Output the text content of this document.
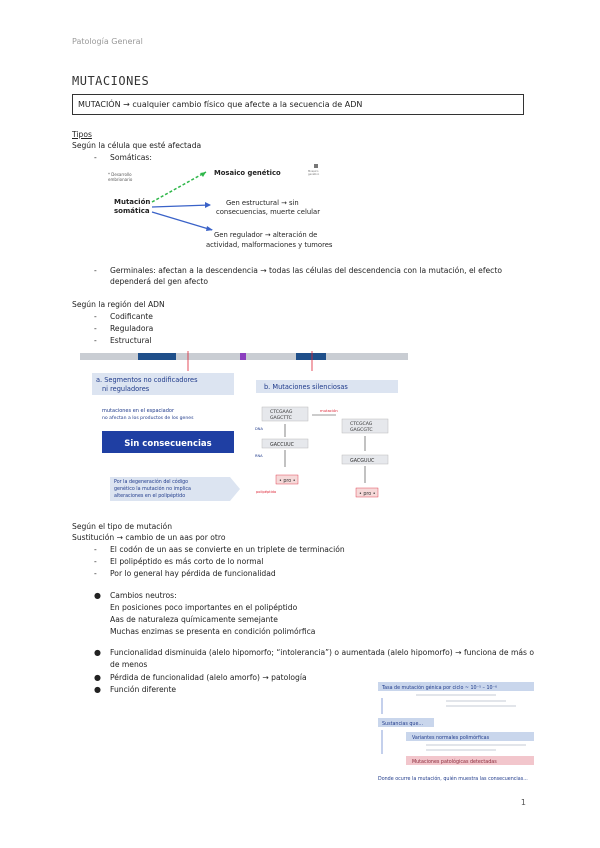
Patología General
MUTACIONES
MUTACIÓN → cualquier cambio físico que afecte a la secuencia de ADN
Tipos
Según la célula que esté afectada
- Somáticas:
* Desarrollo
embrionario
Mutación
somática
Mosaico genético
Gen estructural → sin
consecuencias, muerte celular
Gen regulador → alteración de
actividad, malformaciones y tumores
Mosaico
genético
- Germinales: afectan a la descendencia → todas las células del descendencia con la mutación, el efecto
dependerá del gen afecto
Según la región del ADN
- Codificante
- Reguladora
- Estructural
a. Segmentos no codificadores
ni reguladores
mutaciones en el espaciador
no afectan a los productos de los genes
Sin consecuencias
Por la degeneración del código
genético la mutación no implica
alteraciones en el polipéptido
b. Mutaciones silenciosas
CTCGAAG
GAGCTTC
DNA
mutación
CTCGCAG
GAGCGTC
GACCUUC
RNA
GACGUUC
• pro •
polipéptido	• pro •
Según el tipo de mutación
Sustitución → cambio de un aas por otro
- El codón de un aas se convierte en un triplete de terminación
- El polipéptido es más corto de lo normal
- Por lo general hay pérdida de funcionalidad
● Cambios neutros:
En posiciones poco importantes en el polipéptido
Aas de naturaleza químicamente semejante
Muchas enzimas se presenta en condición polimórfica
● Funcionalidad disminuida (alelo hipomorfo; “intolerancia”) o aumentada (alelo hipomorfo) → funciona de más o
de menos
● Pérdida de funcionalidad (alelo amorfo) → patología
● Función diferente	Tasa de mutación génica por ciclo ~ 10⁻⁵ – 10⁻⁶
Sustancias que...
Variantes normales polimórficas
Mutaciones patológicas detectadas
Donde ocurre la mutación, quién muestra las consecuencias...
1
